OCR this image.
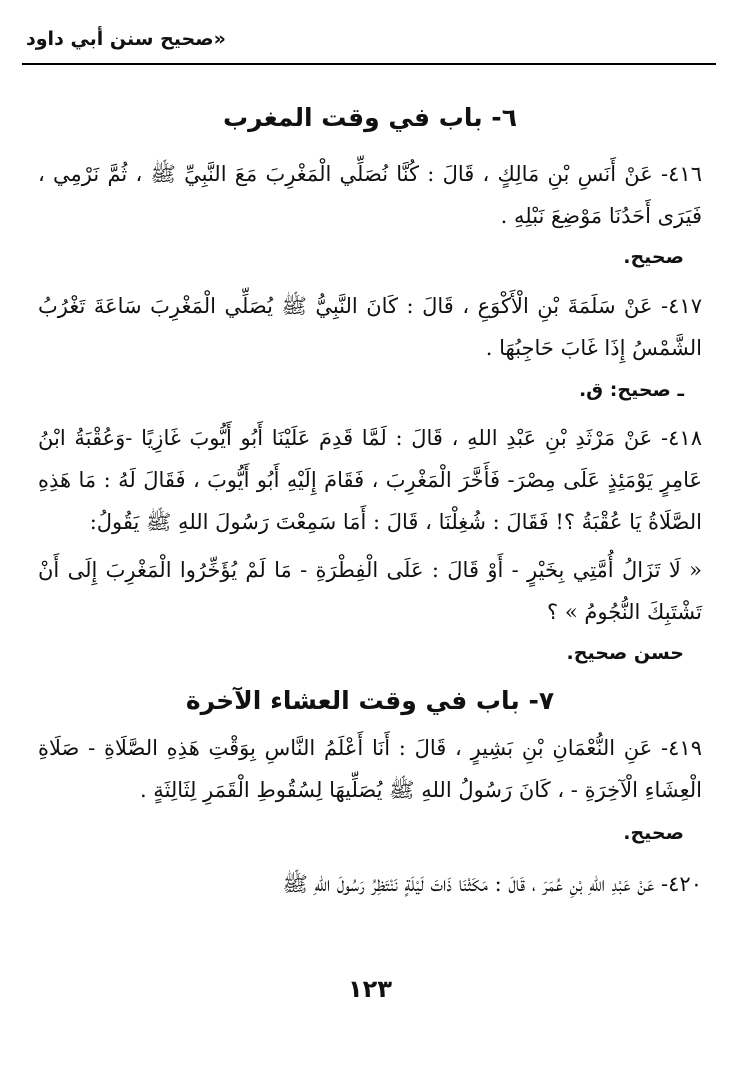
«صحيح سنن أبي داود
٦- باب في وقت المغرب

٤١٦- عَنْ أَنَسِ بْنِ مَالِكٍ ، قَالَ : كُنَّا نُصَلِّي الْمَغْرِبَ مَعَ النَّبِيِّ ﷺ ، ثُمَّ نَرْمِي ، فَيَرَى أَحَدُنَا مَوْضِعَ نَبْلِهِ .

صحيح.

٤١٧- عَنْ سَلَمَةَ بْنِ الْأَكْوَعِ ، قَالَ : كَانَ النَّبِيُّ ﷺ يُصَلِّي الْمَغْرِبَ سَاعَةَ تَغْرُبُ الشَّمْسُ إِذَا غَابَ حَاجِبُهَا .

ـ صحيح: ق.

٤١٨- عَنْ مَرْثَدِ بْنِ عَبْدِ اللهِ ، قَالَ : لَمَّا قَدِمَ عَلَيْنَا أَبُو أَيُّوبَ غَازِيًا -وَعُقْبَةُ ابْنُ عَامِرٍ يَوْمَئِذٍ عَلَى مِصْرَ- فَأَخَّرَ الْمَغْرِبَ ، فَقَامَ إِلَيْهِ أَبُو أَيُّوبَ ، فَقَالَ لَهُ : مَا هَذِهِ الصَّلَاةُ يَا عُقْبَةُ ؟! فَقَالَ : شُغِلْنَا ، قَالَ : أَمَا سَمِعْتَ رَسُولَ اللهِ ﷺ يَقُولُ:

« لَا تَزَالُ أُمَّتِي بِخَيْرٍ - أَوْ قَالَ : عَلَى الْفِطْرَةِ - مَا لَمْ يُؤَخِّرُوا الْمَغْرِبَ إِلَى أَنْ تَشْتَبِكَ النُّجُومُ » ؟

حسن صحيح.
٧- باب في وقت العشاء الآخرة

٤١٩- عَنِ النُّعْمَانِ بْنِ بَشِيرٍ ، قَالَ : أَنَا أَعْلَمُ النَّاسِ بِوَقْتِ هَذِهِ الصَّلَاةِ - صَلَاةِ الْعِشَاءِ الْآخِرَةِ - ، كَانَ رَسُولُ اللهِ ﷺ يُصَلِّيهَا لِسُقُوطِ الْقَمَرِ لِثَالِثَةٍ .

صحيح.

٤٢٠- عَنْ عَبْدِ اللهِ بْنِ عُمَرَ ، قَالَ : مَكَثْنَا ذَاتَ لَيْلَةٍ نَنْتَظِرُ رَسُولَ اللهِ ﷺ

١٢٣
